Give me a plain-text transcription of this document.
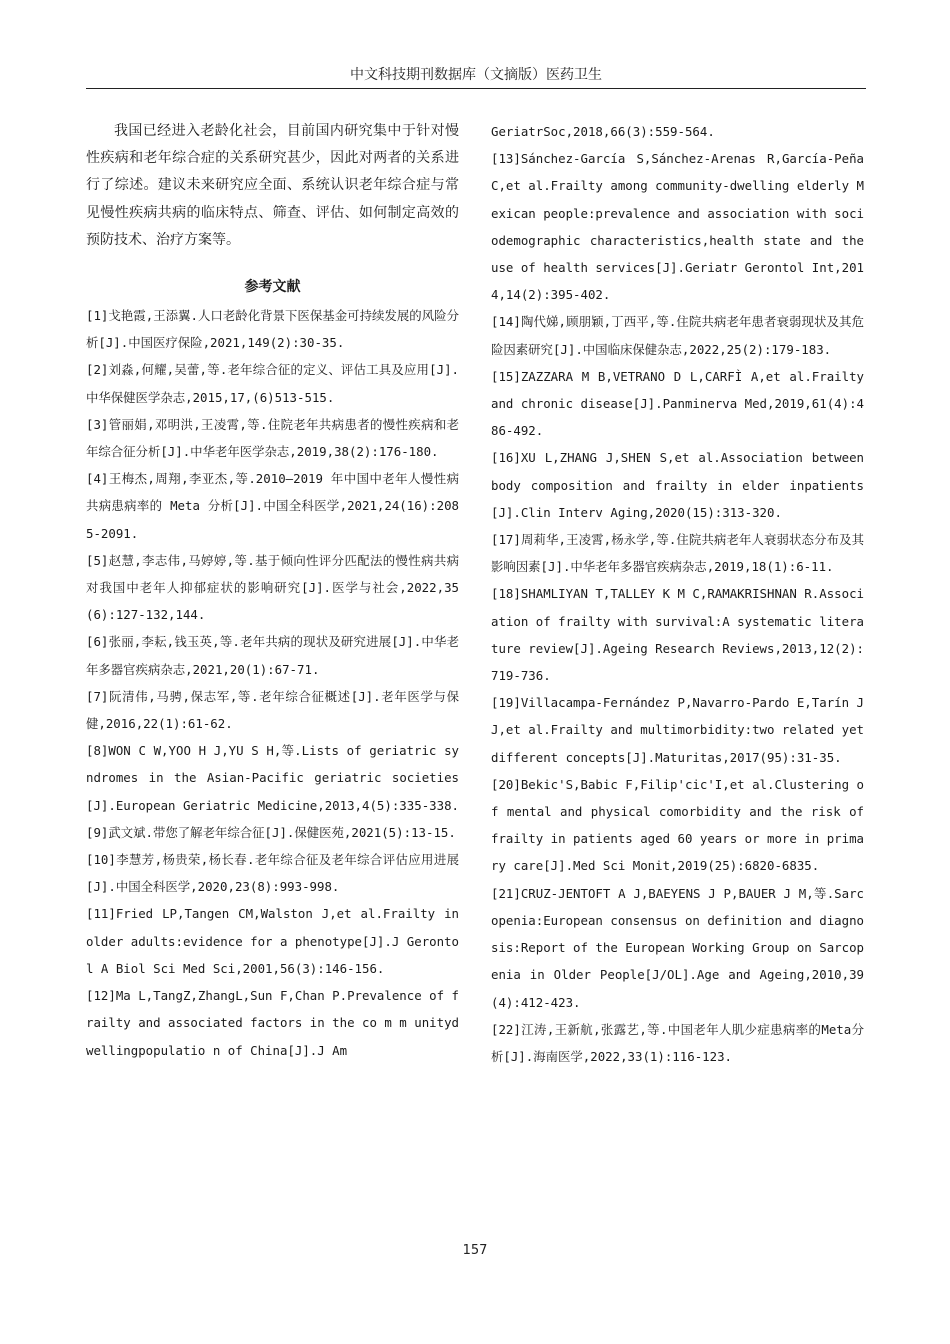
中文科技期刊数据库（文摘版）医药卫生

我国已经进入老龄化社会，目前国内研究集中于针对慢性疾病和老年综合症的关系研究甚少，因此对两者的关系进行了综述。建议未来研究应全面、系统认识老年综合症与常见慢性疾病共病的临床特点、筛查、评估、如何制定高效的预防技术、治疗方案等。

参考文献

[1]戈艳霞,王添翼.人口老龄化背景下医保基金可持续发展的风险分析[J].中国医疗保险,2021,149(2):30-35.

[2]刘淼,何耀,吴蕾,等.老年综合征的定义、评估工具及应用[J].中华保健医学杂志,2015,17,(6)513-515.

[3]管丽娟,邓明洪,王凌霄,等.住院老年共病患者的慢性疾病和老年综合征分析[J].中华老年医学杂志,2019,38(2):176-180.

[4]王梅杰,周翔,李亚杰,等.2010—2019 年中国中老年人慢性病共病患病率的 Meta 分析[J].中国全科医学,2021,24(16):2085-2091.

[5]赵慧,李志伟,马婷婷,等.基于倾向性评分匹配法的慢性病共病对我国中老年人抑郁症状的影响研究[J].医学与社会,2022,35(6):127-132,144.

[6]张丽,李耘,钱玉英,等.老年共病的现状及研究进展[J].中华老年多器官疾病杂志,2021,20(1):67-71.

[7]阮清伟,马骋,保志军,等.老年综合征概述[J].老年医学与保健,2016,22(1):61-62.

[8]WON C W,YOO H J,YU S H,等.Lists of geriatric syndromes in the Asian-Pacific geriatric societies[J].European Geriatric Medicine,2013,4(5):335-338.

[9]武文斌.带您了解老年综合征[J].保健医苑,2021(5):13-15.

[10]李慧芳,杨贵荣,杨长春.老年综合征及老年综合评估应用进展[J].中国全科医学,2020,23(8):993-998.

[11]Fried LP,Tangen CM,Walston J,et al.Frailty in older adults:evidence for a phenotype[J].J Gerontol A Biol Sci Med Sci,2001,56(3):146-156.

[12]Ma L,TangZ,ZhangL,Sun F,Chan P.Prevalence of frailty and associated factors in the co m m unitydwellingpopulatio n of China[J].J Am

GeriatrSoc,2018,66(3):559-564.

[13]Sánchez-García S,Sánchez-Arenas R,García-Peña C,et al.Frailty among community-dwelling elderly Mexican people:prevalence and association with sociodemographic characteristics,health state and the use of health services[J].Geriatr Gerontol Int,2014,14(2):395-402.

[14]陶代娣,顾朋颖,丁西平,等.住院共病老年患者衰弱现状及其危险因素研究[J].中国临床保健杂志,2022,25(2):179-183.

[15]ZAZZARA M B,VETRANO D L,CARFÌ A,et al.Frailty and chronic disease[J].Panminerva Med,2019,61(4):486-492.

[16]XU L,ZHANG J,SHEN S,et al.Association between body composition and frailty in elder inpatients[J].Clin Interv Aging,2020(15):313-320.

[17]周莉华,王凌霄,杨永学,等.住院共病老年人衰弱状态分布及其影响因素[J].中华老年多器官疾病杂志,2019,18(1):6-11.

[18]SHAMLIYAN T,TALLEY K M C,RAMAKRISHNAN R.Association of frailty with survival:A systematic literature review[J].Ageing Research Reviews,2013,12(2):719-736.

[19]Villacampa-Fernández P,Navarro-Pardo E,Tarín JJ,et al.Frailty and multimorbidity:two related yet different concepts[J].Maturitas,2017(95):31-35.

[20]Bekic'S,Babic F,Filip'cic'I,et al.Clustering of mental and physical comorbidity and the risk of frailty in patients aged 60 years or more in primary care[J].Med Sci Monit,2019(25):6820-6835.

[21]CRUZ-JENTOFT A J,BAEYENS J P,BAUER J M,等.Sarcopenia:European consensus on definition and diagnosis:Report of the European Working Group on Sarcopenia in Older People[J/OL].Age and Ageing,2010,39(4):412-423.

[22]江涛,王新航,张露艺,等.中国老年人肌少症患病率的Meta分析[J].海南医学,2022,33(1):116-123.

157
